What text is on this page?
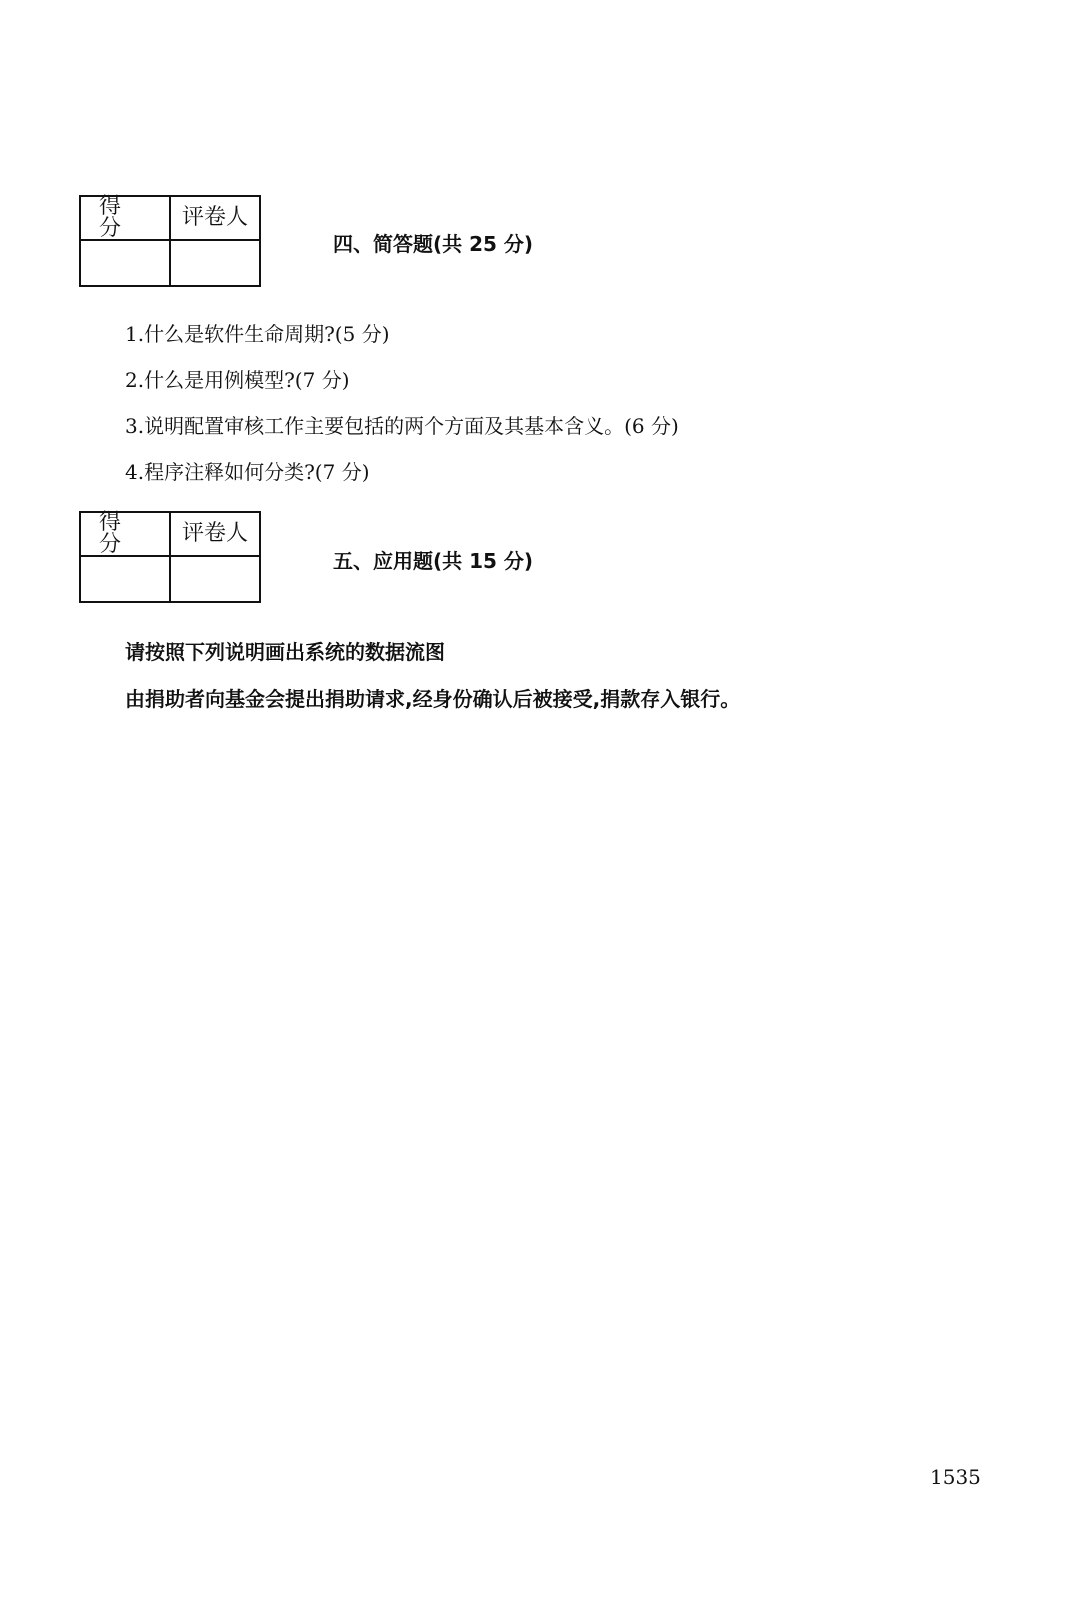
得 分	评卷人
四、简答题(共 25 分)
1.什么是软件生命周期?(5 分)
2.什么是用例模型?(7 分)
3.说明配置审核工作主要包括的两个方面及其基本含义。(6 分)
4.程序注释如何分类?(7 分)
得 分	评卷人
五、应用题(共 15 分)
请按照下列说明画出系统的数据流图
由捐助者向基金会提出捐助请求,经身份确认后被接受,捐款存入银行。
1535
